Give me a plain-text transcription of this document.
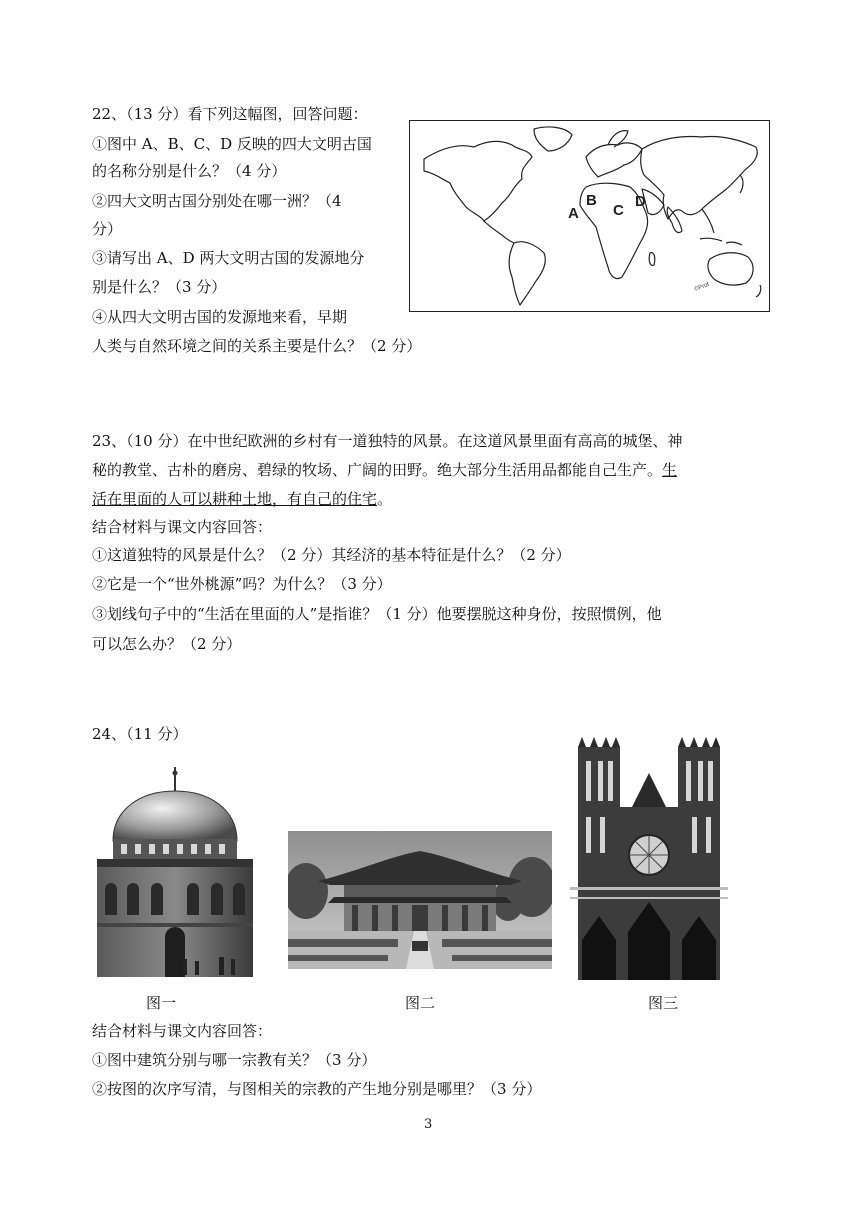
22、（13 分）看下列这幅图，回答问题：
①图中 A、B、C、D 反映的四大文明古国
的名称分别是什么？（4 分）
②四大文明古国分别处在哪一洲？（4
分）
③请写出 A、D 两大文明古国的发源地分
别是什么？（3 分）
④从四大文明古国的发源地来看，早期
人类与自然环境之间的关系主要是什么？（2 分）
A
B
C
D
©Prof
23、（10 分）在中世纪欧洲的乡村有一道独特的风景。在这道风景里面有高高的城堡、神
秘的教堂、古朴的磨房、碧绿的牧场、广阔的田野。绝大部分生活用品都能自己生产。生
活在里面的人可以耕种土地，有自己的住宅。
结合材料与课文内容回答：
①这道独特的风景是什么？（2 分）其经济的基本特征是什么？（2 分）
②它是一个“世外桃源”吗？为什么？（3 分）
③划线句子中的“生活在里面的人”是指谁？（1 分）他要摆脱这种身份，按照惯例，他
可以怎么办？（2 分）
24、（11 分）
图一	图二	图三
结合材料与课文内容回答：
①图中建筑分别与哪一宗教有关？（3 分）
②按图的次序写清，与图相关的宗教的产生地分别是哪里？（3 分）
3
